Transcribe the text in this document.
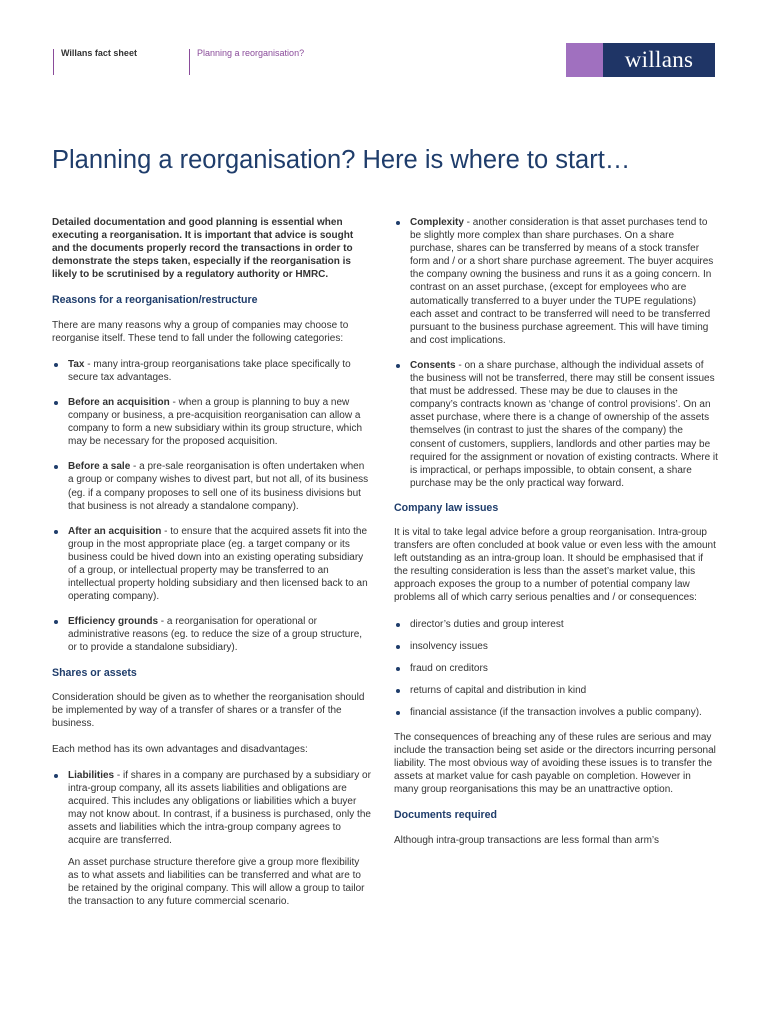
Willans fact sheet	Planning a reorganisation?	willans
Planning a reorganisation? Here is where to start…

Detailed documentation and good planning is essential when executing a reorganisation. It is important that advice is sought and the documents properly record the transactions in order to demonstrate the steps taken, especially if the reorganisation is likely to be scrutinised by a regulatory authority or HMRC.

Reasons for a reorganisation/restructure

There are many reasons why a group of companies may choose to reorganise itself. These tend to fall under the following categories:

Tax - many intra-group reorganisations take place specifically to secure tax advantages.
Before an acquisition - when a group is planning to buy a new company or business, a pre-acquisition reorganisation can allow a company to form a new subsidiary within its group structure, which may be necessary for the proposed acquisition.
Before a sale - a pre-sale reorganisation is often undertaken when a group or company wishes to divest part, but not all, of its business (eg. if a company proposes to sell one of its business divisions but that business is not already a standalone company).
After an acquisition - to ensure that the acquired assets fit into the group in the most appropriate place (eg. a target company or its business could be hived down into an existing operating subsidiary of a group, or intellectual property may be transferred to an intellectual property holding subsidiary and then licensed back to an operating company).
Efficiency grounds - a reorganisation for operational or administrative reasons (eg. to reduce the size of a group structure, or to provide a standalone subsidiary).
Shares or assets

Consideration should be given as to whether the reorganisation should be implemented by way of a transfer of shares or a transfer of the business.

Each method has its own advantages and disadvantages:

Liabilities - if shares in a company are purchased by a subsidiary or intra-group company, all its assets liabilities and obligations are acquired. This includes any obligations or liabilities which a buyer may not know about. In contrast, if a business is purchased, only the assets and liabilities which the intra-group company agrees to acquire are transferred.

An asset purchase structure therefore give a group more flexibility as to what assets and liabilities can be transferred and what are to be retained by the original company. This will allow a group to tailor the transaction to any future commercial scenario.

Complexity - another consideration is that asset purchases tend to be slightly more complex than share purchases. On a share purchase, shares can be transferred by means of a stock transfer form and / or a short share purchase agreement. The buyer acquires the company owning the business and runs it as a going concern. In contrast on an asset purchase, (except for employees who are automatically transferred to a buyer under the TUPE regulations) each asset and contract to be transferred will need to be transferred pursuant to the business purchase agreement. This will have timing and cost implications.
Consents - on a share purchase, although the individual assets of the business will not be transferred, there may still be consent issues that must be addressed. These may be due to clauses in the company’s contracts known as ‘change of control provisions’. On an asset purchase, where there is a change of ownership of the assets themselves (in contrast to just the shares of the company) the consent of customers, suppliers, landlords and other parties may be required for the assignment or novation of existing contracts. Where it is impractical, or perhaps impossible, to obtain consent, a share purchase may be the only practical way forward.
Company law issues

It is vital to take legal advice before a group reorganisation. Intra-group transfers are often concluded at book value or even less with the amount left outstanding as an intra-group loan. It should be emphasised that if the resulting consideration is less than the asset’s market value, this approach exposes the group to a number of potential company law problems all of which carry serious penalties and / or consequences:

director’s duties and group interest
insolvency issues
fraud on creditors
returns of capital and distribution in kind
financial assistance (if the transaction involves a public company).

The consequences of breaching any of these rules are serious and may include the transaction being set aside or the directors incurring personal liability. The most obvious way of avoiding these issues is to transfer the assets at market value for cash payable on completion. However in many group reorganisations this may be an unattractive option.

Documents required

Although intra-group transactions are less formal than arm’s
